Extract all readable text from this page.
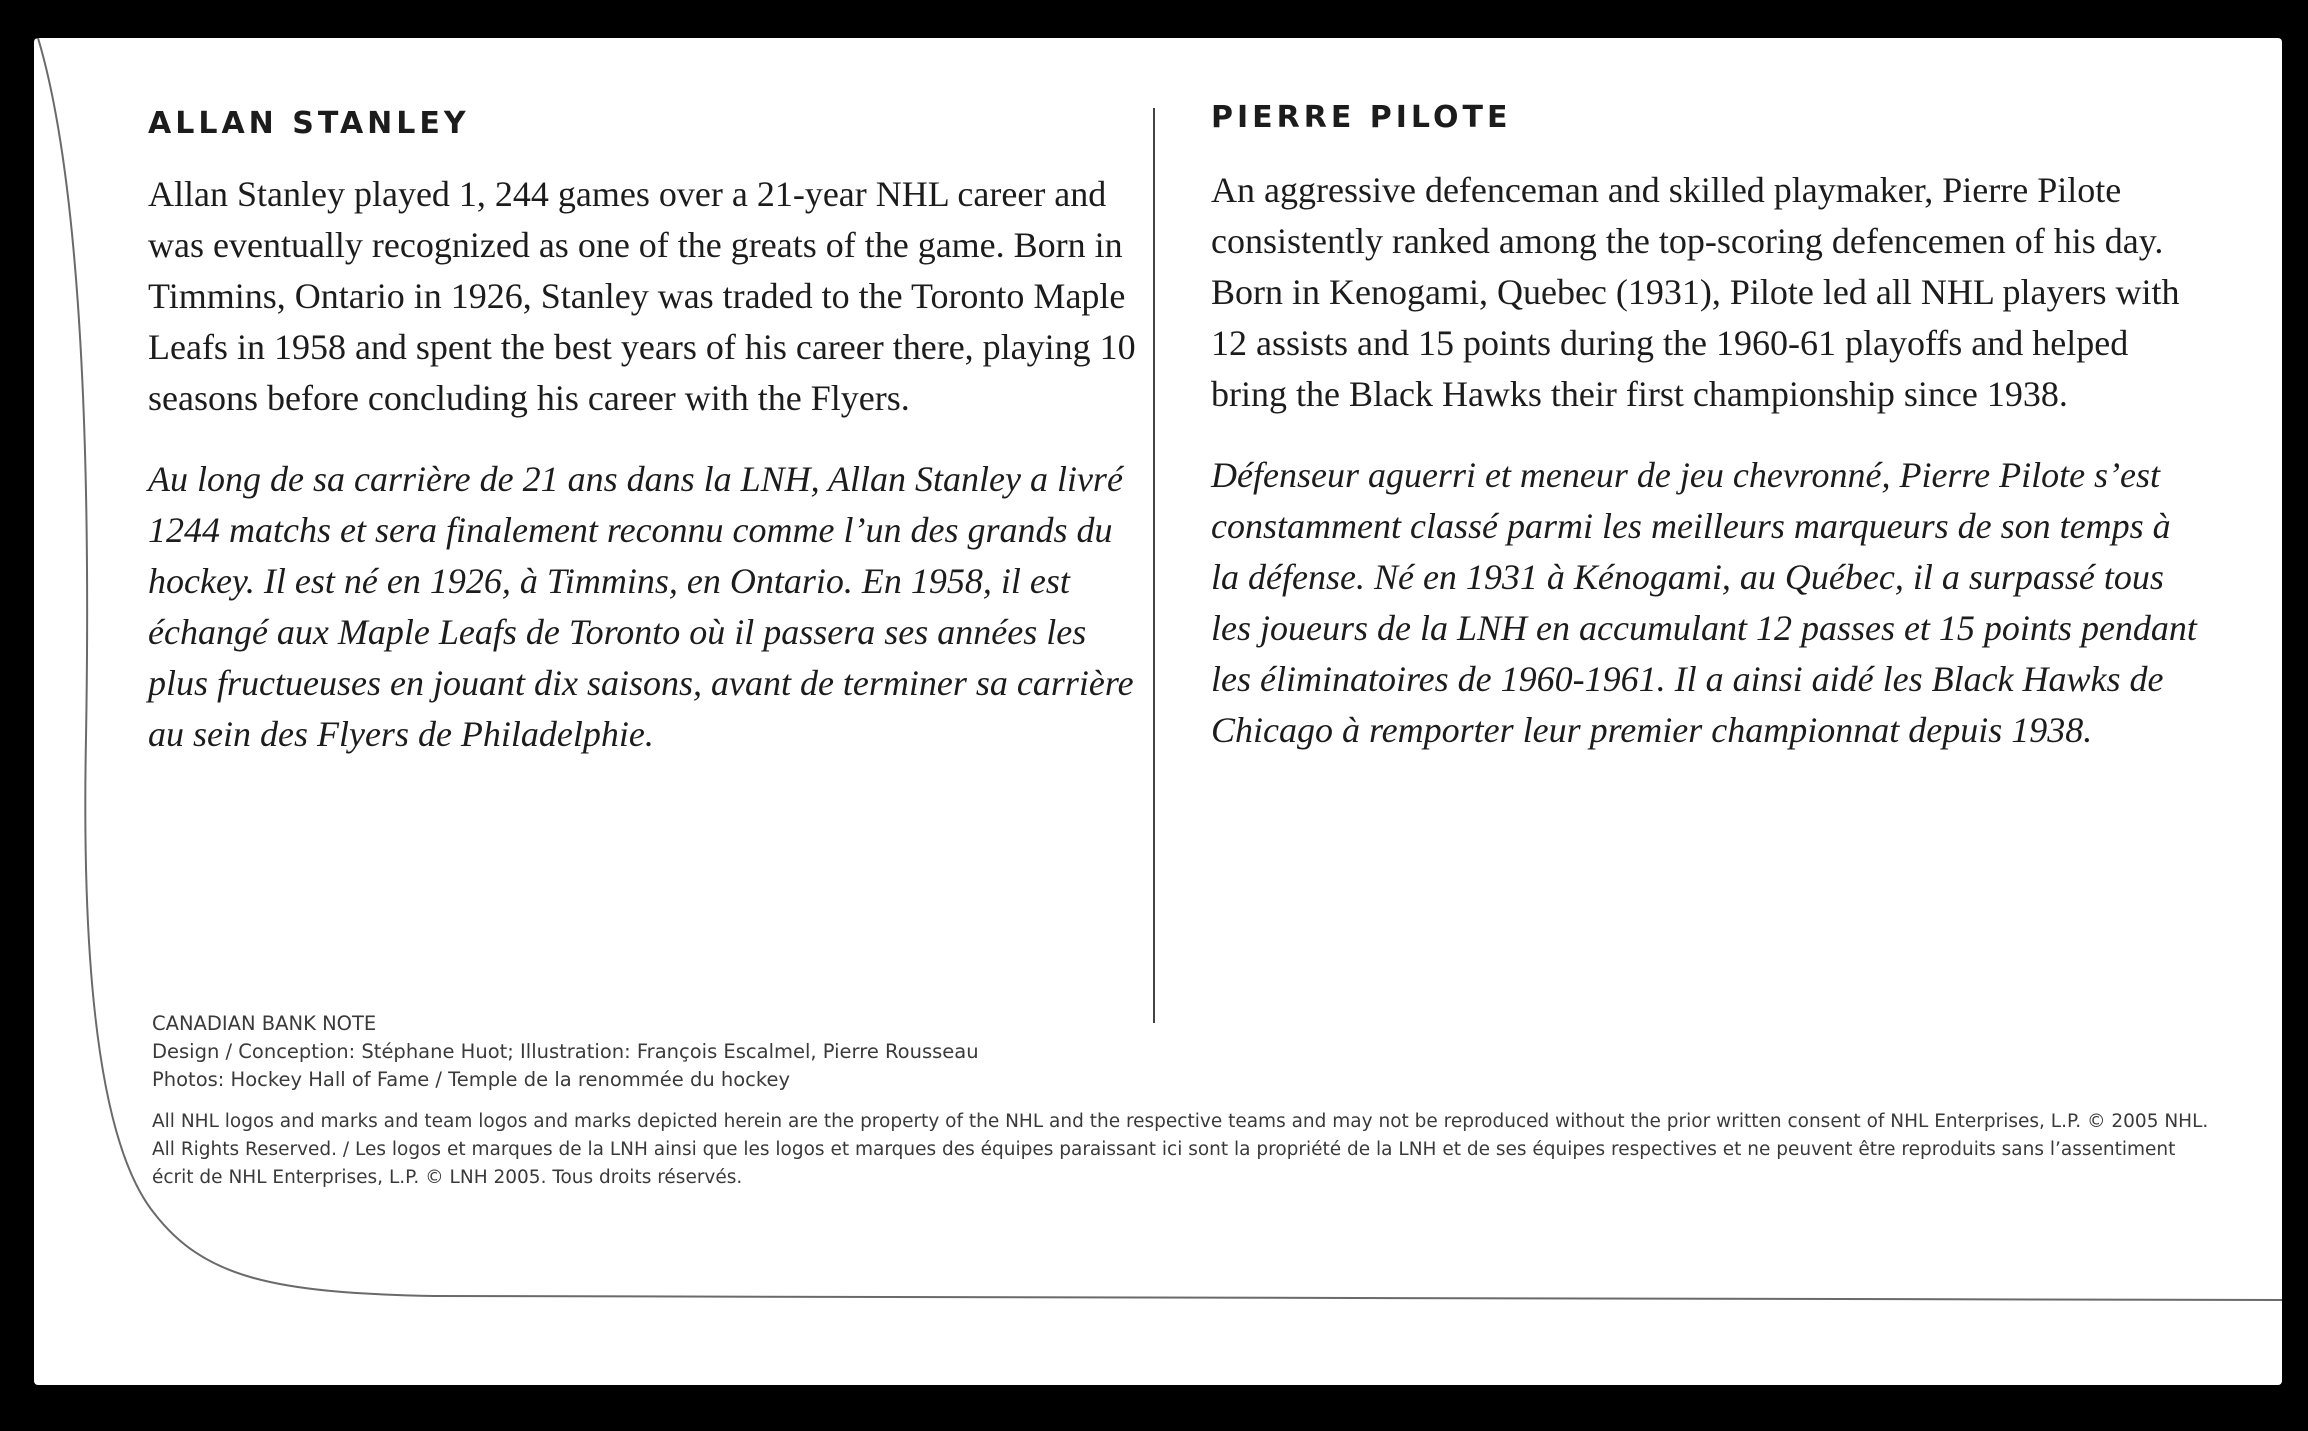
ALLAN STANLEY

Allan Stanley played 1, 244 games over a 21-year NHL career and was eventually recognized as one of the greats of the game. Born in Timmins, Ontario in 1926, Stanley was traded to the Toronto Maple Leafs in 1958 and spent the best years of his career there, playing 10 seasons before concluding his career with the Flyers.

Au long de sa carrière de 21 ans dans la LNH, Allan Stanley a livré 1244 matchs et sera finalement reconnu comme l’un des grands du hockey. Il est né en 1926, à Timmins, en Ontario. En 1958, il est échangé aux Maple Leafs de Toronto où il passera ses années les plus fructueuses en jouant dix saisons, avant de terminer sa carrière au sein des Flyers de Philadelphie.

PIERRE PILOTE

An aggressive defenceman and skilled playmaker, Pierre Pilote consistently ranked among the top-scoring defencemen of his day. Born in Kenogami, Quebec (1931), Pilote led all NHL players with 12 assists and 15 points during the 1960-61 playoffs and helped bring the Black Hawks their first championship since 1938.

Défenseur aguerri et meneur de jeu chevronné, Pierre Pilote s’est constamment classé parmi les meilleurs marqueurs de son temps à la défense. Né en 1931 à Kénogami, au Québec, il a surpassé tous les joueurs de la LNH en accumulant 12 passes et 15 points pendant les éliminatoires de 1960-1961. Il a ainsi aidé les Black Hawks de Chicago à remporter leur premier championnat depuis 1938.

CANADIAN BANK NOTE
Design / Conception: Stéphane Huot; Illustration: François Escalmel, Pierre Rousseau
Photos: Hockey Hall of Fame / Temple de la renommée du hockey
All NHL logos and marks and team logos and marks depicted herein are the property of the NHL and the respective teams and may not be reproduced without the prior written consent of NHL Enterprises, L.P. © 2005 NHL. All Rights Reserved. / Les logos et marques de la LNH ainsi que les logos et marques des équipes paraissant ici sont la propriété de la LNH et de ses équipes respectives et ne peuvent être reproduits sans l’assentiment écrit de NHL Enterprises, L.P. © LNH 2005. Tous droits réservés.
